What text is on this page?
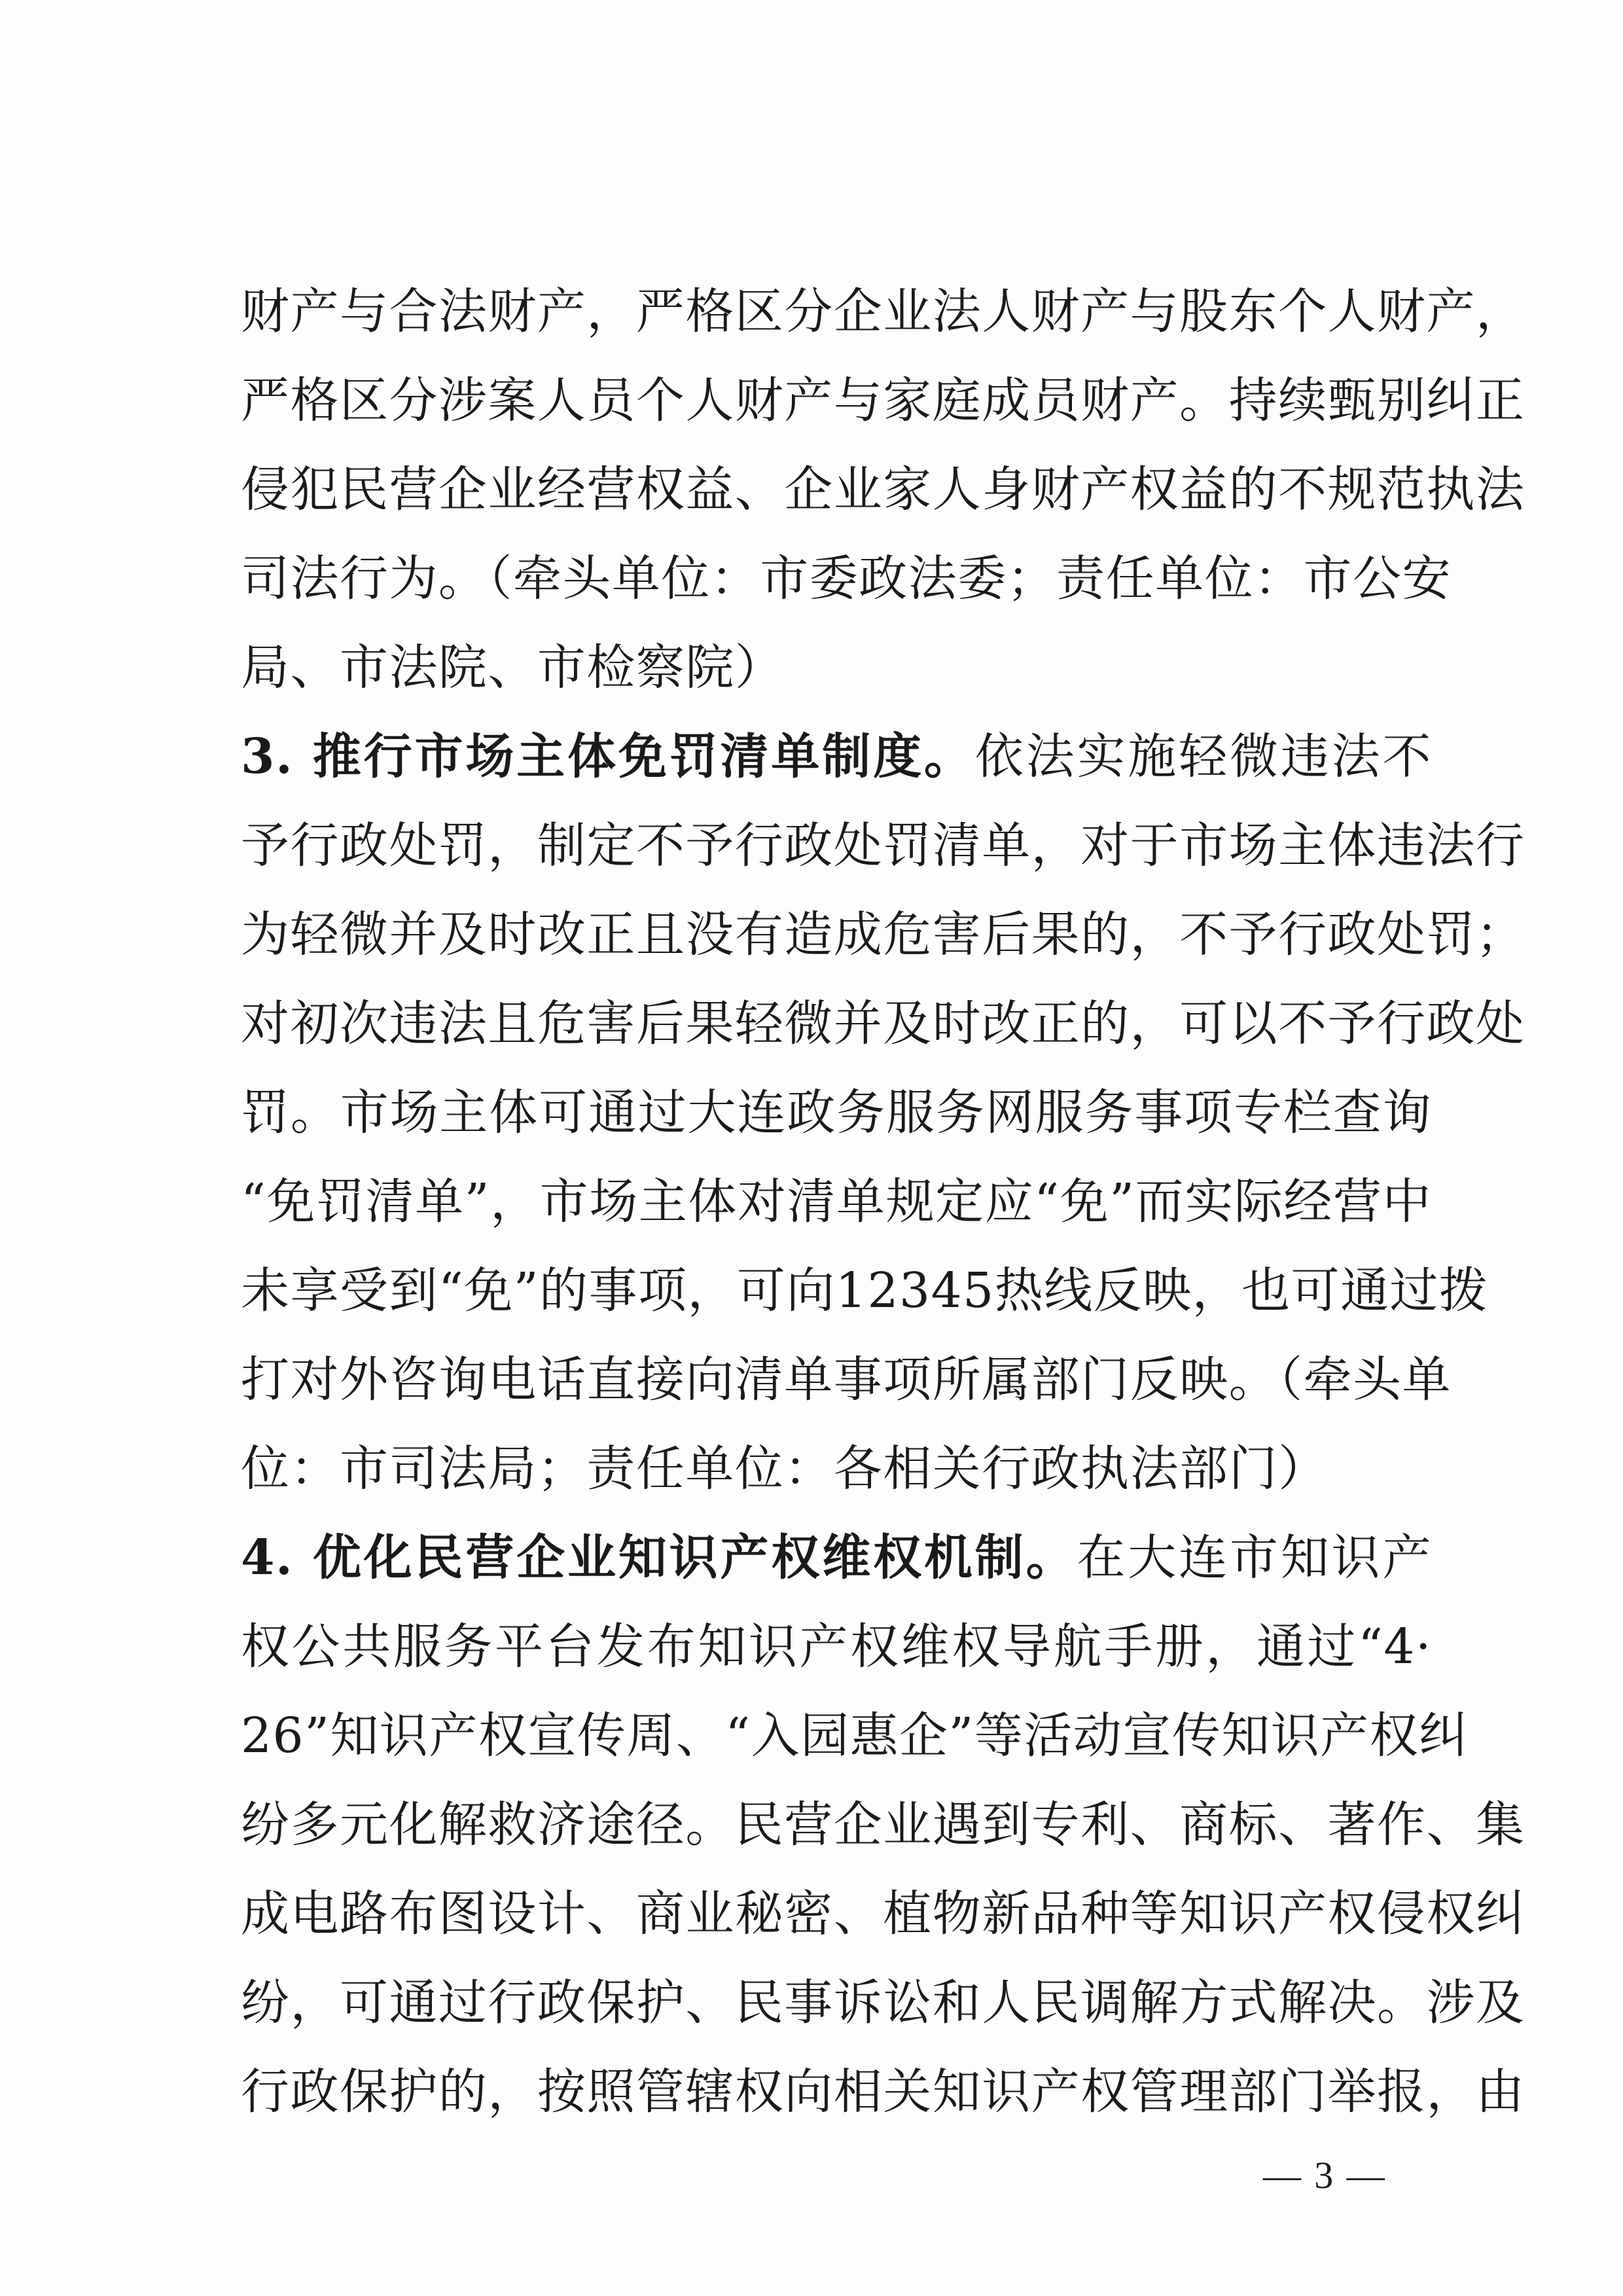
财产与合法财产，严格区分企业法人财产与股东个人财产，
严格区分涉案人员个人财产与家庭成员财产。持续甄别纠正
侵犯民营企业经营权益、企业家人身财产权益的不规范执法
司法行为。（牵头单位：市委政法委；责任单位：市公安
局、市法院、市检察院）
3. 推行市场主体免罚清单制度。依法实施轻微违法不
予行政处罚，制定不予行政处罚清单，对于市场主体违法行
为轻微并及时改正且没有造成危害后果的，不予行政处罚；
对初次违法且危害后果轻微并及时改正的，可以不予行政处
罚。市场主体可通过大连政务服务网服务事项专栏查询
“免罚清单”，市场主体对清单规定应“免”而实际经营中
未享受到“免”的事项，可向12345热线反映，也可通过拨
打对外咨询电话直接向清单事项所属部门反映。（牵头单
位：市司法局；责任单位：各相关行政执法部门）
4. 优化民营企业知识产权维权机制。在大连市知识产
权公共服务平台发布知识产权维权导航手册，通过“4·
26”知识产权宣传周、“入园惠企”等活动宣传知识产权纠
纷多元化解救济途径。民营企业遇到专利、商标、著作、集
成电路布图设计、商业秘密、植物新品种等知识产权侵权纠
纷，可通过行政保护、民事诉讼和人民调解方式解决。涉及
行政保护的，按照管辖权向相关知识产权管理部门举报，由
— 3 —
